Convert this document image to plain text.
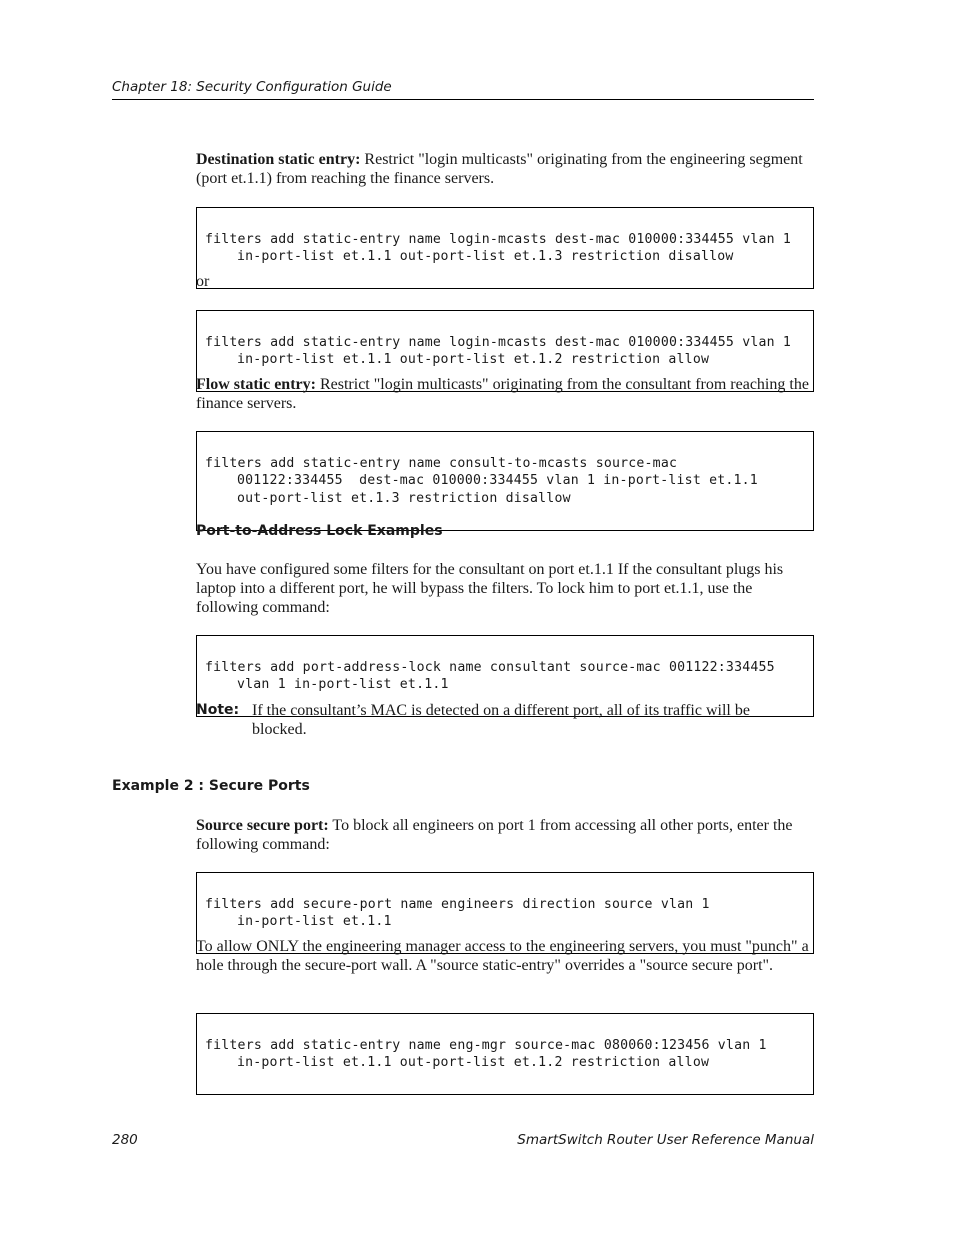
Chapter 18: Security Configuration Guide
Destination static entry: Restrict "login multicasts" originating from the engineering segment (port et.1.1) from reaching the finance servers.

filters add static-entry name login-mcasts dest-mac 010000:334455 vlan 1
in-port-list et.1.1 out-port-list et.1.3 restriction disallow

or

filters add static-entry name login-mcasts dest-mac 010000:334455 vlan 1
in-port-list et.1.1 out-port-list et.1.2 restriction allow

Flow static entry: Restrict "login multicasts" originating from the consultant from reaching the finance servers.

filters add static-entry name consult-to-mcasts source-mac
001122:334455  dest-mac 010000:334455 vlan 1 in-port-list et.1.1
out-port-list et.1.3 restriction disallow

Port-to-Address Lock Examples
You have configured some filters for the consultant on port et.1.1 If the consultant plugs his laptop into a different port, he will bypass the filters. To lock him to port et.1.1, use the following command:

filters add port-address-lock name consultant source-mac 001122:334455
vlan 1 in-port-list et.1.1

Note: If the consultant’s MAC is detected on a different port, all of its traffic will be blocked.
Example 2 : Secure Ports
Source secure port: To block all engineers on port 1 from accessing all other ports, enter the following command:

filters add secure-port name engineers direction source vlan 1
in-port-list et.1.1

To allow ONLY the engineering manager access to the engineering servers, you must "punch" a hole through the secure-port wall. A "source static-entry" overrides a "source secure port".

filters add static-entry name eng-mgr source-mac 080060:123456 vlan 1
in-port-list et.1.1 out-port-list et.1.2 restriction allow

280	SmartSwitch Router User Reference Manual
